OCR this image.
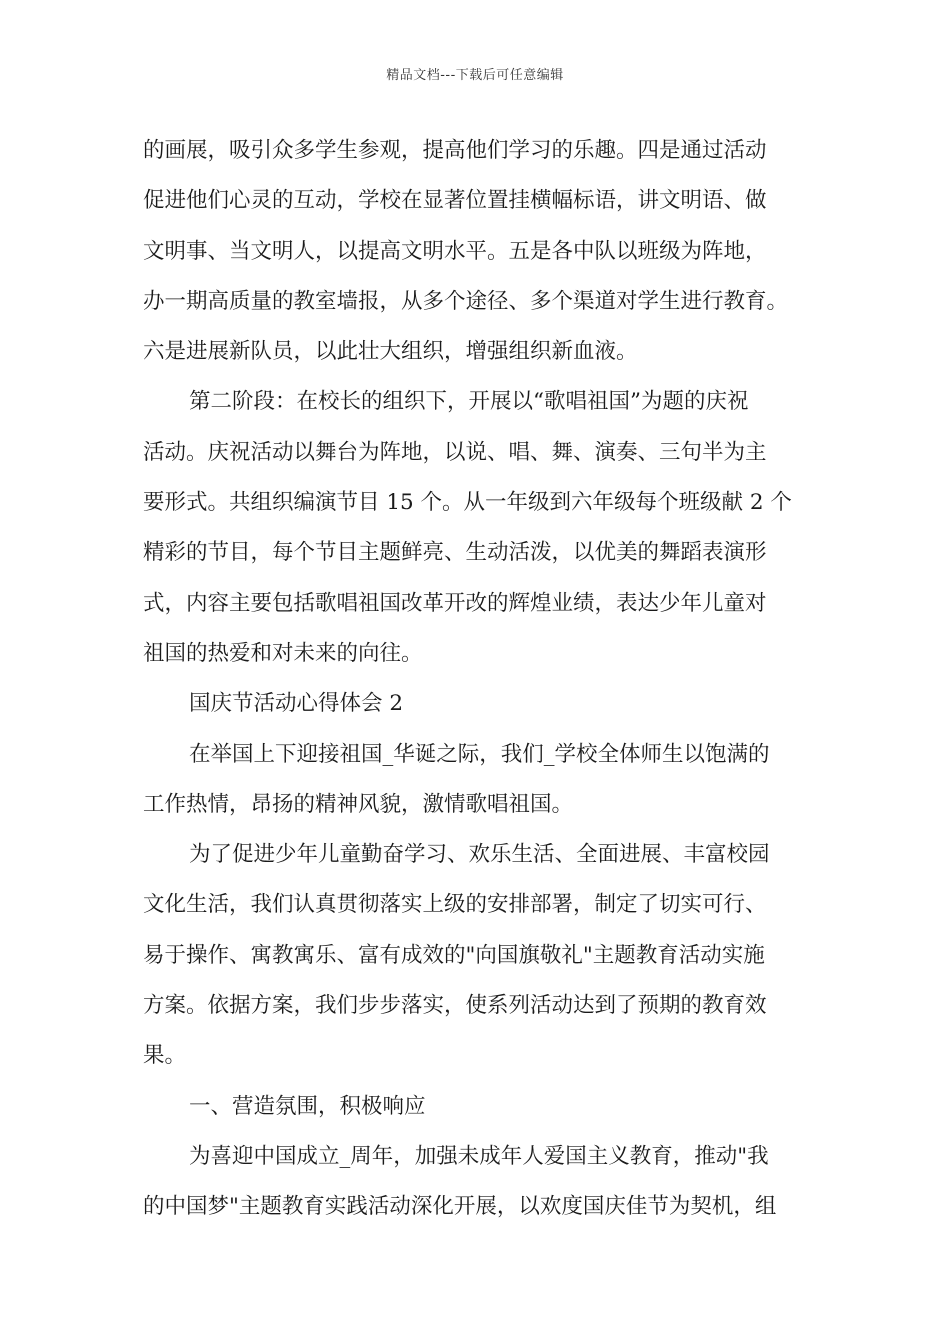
精品文档---下载后可任意编辑
的画展，吸引众多学生参观，提高他们学习的乐趣。四是通过活动
促进他们心灵的互动，学校在显著位置挂横幅标语，讲文明语、做
文明事、当文明人，以提高文明水平。五是各中队以班级为阵地，
办一期高质量的教室墙报，从多个途径、多个渠道对学生进行教育。
六是进展新队员，以此壮大组织，增强组织新血液。
第二阶段：在校长的组织下，开展以“歌唱祖国”为题的庆祝
活动。庆祝活动以舞台为阵地，以说、唱、舞、演奏、三句半为主
要形式。共组织编演节目 15 个。从一年级到六年级每个班级献 2 个
精彩的节目，每个节目主题鲜亮、生动活泼，以优美的舞蹈表演形
式，内容主要包括歌唱祖国改革开改的辉煌业绩，表达少年儿童对
祖国的热爱和对未来的向往。
国庆节活动心得体会 2
在举国上下迎接祖国_华诞之际，我们_学校全体师生以饱满的
工作热情，昂扬的精神风貌，激情歌唱祖国。
为了促进少年儿童勤奋学习、欢乐生活、全面进展、丰富校园
文化生活，我们认真贯彻落实上级的安排部署，制定了切实可行、
易于操作、寓教寓乐、富有成效的"向国旗敬礼"主题教育活动实施
方案。依据方案，我们步步落实，使系列活动达到了预期的教育效
果。
一、营造氛围，积极响应
为喜迎中国成立_周年，加强未成年人爱国主义教育，推动"我
的中国梦"主题教育实践活动深化开展，以欢度国庆佳节为契机，组
